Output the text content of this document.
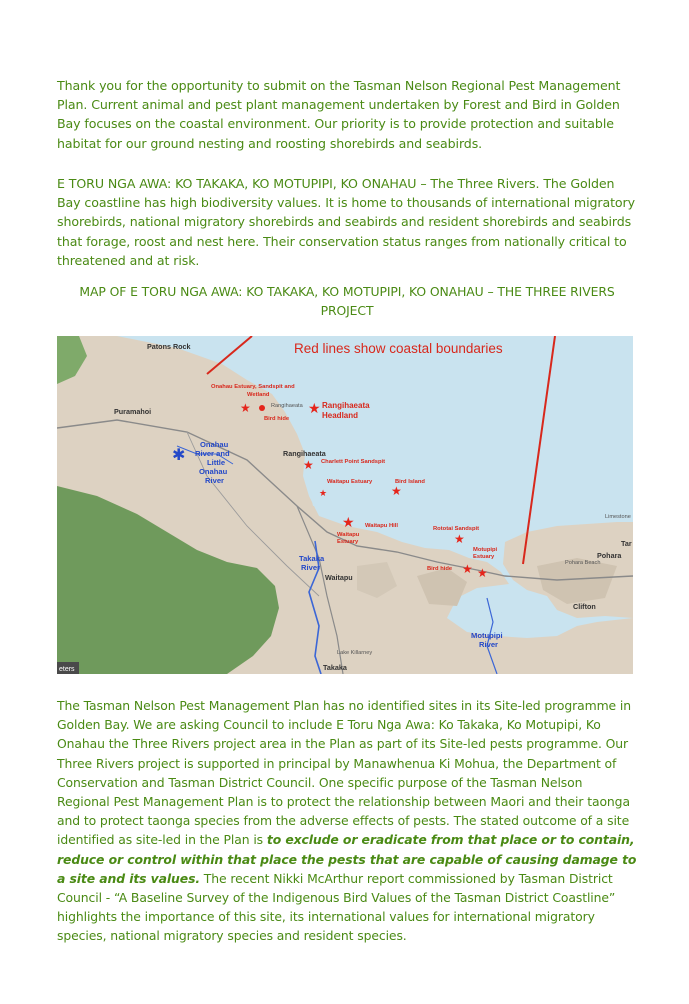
Thank you for the opportunity to submit on the Tasman Nelson Regional Pest Management Plan. Current animal and pest plant management undertaken by Forest and Bird in Golden Bay focuses on the coastal environment. Our priority is to provide protection and suitable habitat for our ground nesting and roosting shorebirds and seabirds.

E TORU NGA AWA: KO TAKAKA, KO MOTUPIPI, KO ONAHAU – The Three Rivers. The Golden Bay coastline has high biodiversity values. It is home to thousands of international migratory shorebirds, national migratory shorebirds and seabirds and resident shorebirds and seabirds that forage, roost and nest here. Their conservation status ranges from nationally critical to threatened and at risk.

MAP OF E TORU NGA AWA: KO TAKAKA, KO MOTUPIPI, KO ONAHAU – THE THREE RIVERS PROJECT
Red lines show coastal boundaries
Patons Rock
Puramahoi
Rangihaeata
Waitapu
Takaka
Clifton
Pohara
Tar
Pohara Beach
Limestone
Lake Killarney
Rangihaeata
eters
★	★
★
★	★
★
★
★ ★
✱
Onahau Estuary, Sandspit and
Wetland
Bird hide
Charlett Point Sandspit
Waitapu Estuary	Bird Island
Waitapu Hill
Waitapu
Estuary
Rototai Sandspit
Motupipi
Estuary
Bird hide
Rangihaeata
Headland
Onahau
River and
Little
Onahau
River
Takaka
River
Motupipi
River

The Tasman Nelson Pest Management Plan has no identified sites in its Site-led programme in Golden Bay. We are asking Council to include E Toru Nga Awa: Ko Takaka, Ko Motupipi, Ko Onahau the Three Rivers project area in the Plan as part of its Site-led pests programme. Our Three Rivers project is supported in principal by Manawhenua Ki Mohua, the Department of Conservation and Tasman District Council. One specific purpose of the Tasman Nelson Regional Pest Management Plan is to protect the relationship between Maori and their taonga and to protect taonga species from the adverse effects of pests. The stated outcome of a site identified as site-led in the Plan is to exclude or eradicate from that place or to contain, reduce or control within that place the pests that are capable of causing damage to a site and its values. The recent Nikki McArthur report commissioned by Tasman District Council - “A Baseline Survey of the Indigenous Bird Values of the Tasman District Coastline” highlights the importance of this site, its international values for international migratory species, national migratory species and resident species.
